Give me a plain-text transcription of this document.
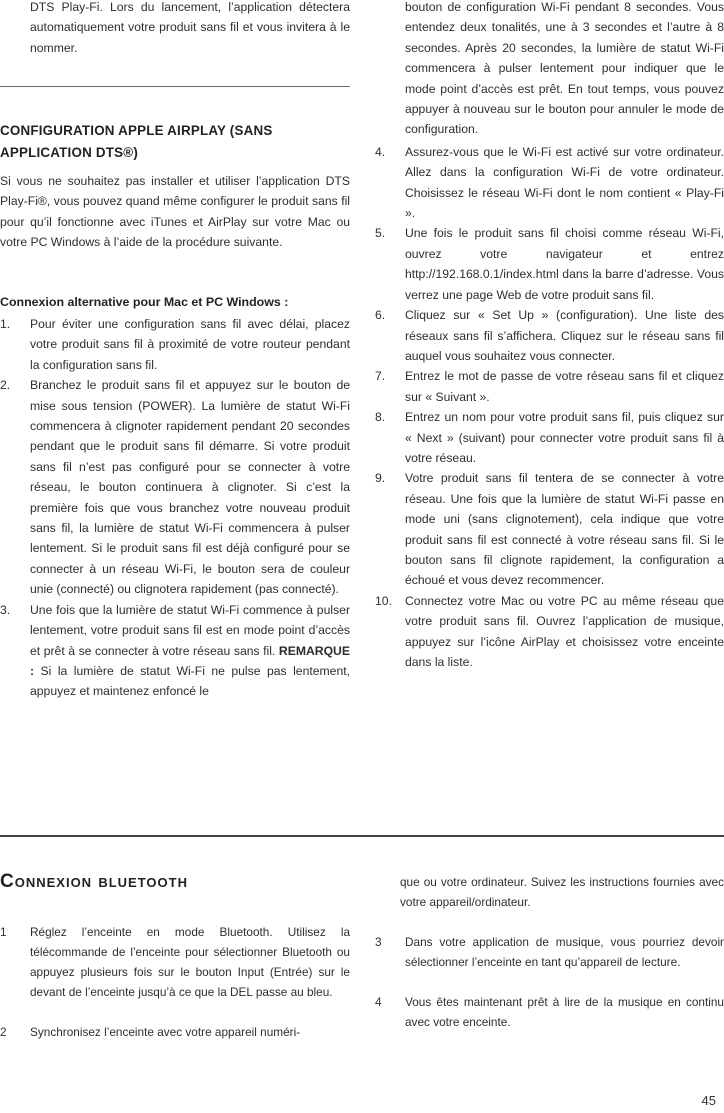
DTS Play-Fi. Lors du lancement, l’application détectera automatiquement votre produit sans fil et vous invitera à le nommer.

CONFIGURATION APPLE AIRPLAY (SANS APPLICATION DTS®)
Si vous ne souhaitez pas installer et utiliser l’application DTS Play-Fi®, vous pouvez quand même configurer le produit sans fil pour qu’il fonctionne avec iTunes et AirPlay sur votre Mac ou votre PC Windows à l’aide de la procédure suivante.
Connexion alternative pour Mac et PC Windows :
1.	Pour éviter une configuration sans fil avec délai, placez votre produit sans fil à proximité de votre routeur pendant la configuration sans fil.
2.	Branchez le produit sans fil et appuyez sur le bouton de mise sous tension (POWER). La lumière de statut Wi-Fi commencera à clignoter rapidement pendant 20 secondes pendant que le produit sans fil démarre. Si votre produit sans fil n’est pas configuré pour se connecter à votre réseau, le bouton continuera à clignoter. Si c’est la première fois que vous branchez votre nouveau produit sans fil, la lumière de statut Wi-Fi commencera à pulser lentement. Si le produit sans fil est déjà configuré pour se connecter à un réseau Wi-Fi, le bouton sera de couleur unie (connecté) ou clignotera rapidement (pas connecté).
3.	Une fois que la lumière de statut Wi-Fi commence à pulser lentement, votre produit sans fil est en mode point d’accès et prêt à se connecter à votre réseau sans fil. REMARQUE : Si la lumière de statut Wi-Fi ne pulse pas lentement, appuyez et maintenez enfoncé le
bouton de configuration Wi-Fi pendant 8 secondes. Vous entendez deux tonalités, une à 3 secondes et l’autre à 8 secondes. Après 20 secondes, la lumière de statut Wi-Fi commencera à pulser lentement pour indiquer que le mode point d’accès est prêt. En tout temps, vous pouvez appuyer à nouveau sur le bouton pour annuler le mode de configuration.
4.	Assurez-vous que le Wi-Fi est activé sur votre ordinateur. Allez dans la configuration Wi-Fi de votre ordinateur. Choisissez le réseau Wi-Fi dont le nom contient « Play-Fi ».
5.	Une fois le produit sans fil choisi comme réseau Wi-Fi, ouvrez votre navigateur et entrez http://192.168.0.1/index.html dans la barre d’adresse. Vous verrez une page Web de votre produit sans fil.
6.	Cliquez sur « Set Up » (configuration). Une liste des réseaux sans fil s’affichera. Cliquez sur le réseau sans fil auquel vous souhaitez vous connecter.
7.	Entrez le mot de passe de votre réseau sans fil et cliquez sur « Suivant ».
8.	Entrez un nom pour votre produit sans fil, puis cliquez sur « Next » (suivant) pour connecter votre produit sans fil à votre réseau.
9.	Votre produit sans fil tentera de se connecter à votre réseau. Une fois que la lumière de statut Wi-Fi passe en mode uni (sans clignotement), cela indique que votre produit sans fil est connecté à votre réseau sans fil. Si le bouton sans fil clignote rapidement, la configuration a échoué et vous devez recommencer.
10.	Connectez votre Mac ou votre PC au même réseau que votre produit sans fil. Ouvrez l’application de musique, appuyez sur l’icône AirPlay et choisissez votre enceinte dans la liste.
Connexion bluetooth
1	Réglez l’enceinte en mode Bluetooth. Utilisez la télécommande de l’enceinte pour sélectionner Bluetooth ou appuyez plusieurs fois sur le bouton Input (Entrée) sur le devant de l’enceinte jusqu’à ce que la DEL passe au bleu.
2	Synchronisez l’enceinte avec votre appareil numéri-
que ou votre ordinateur. Suivez les instructions fournies avec votre appareil/ordinateur.
3	Dans votre application de musique, vous pourriez devoir sélectionner l’enceinte en tant qu’appareil de lecture.
4	Vous êtes maintenant prêt à lire de la musique en continu avec votre enceinte.
45
